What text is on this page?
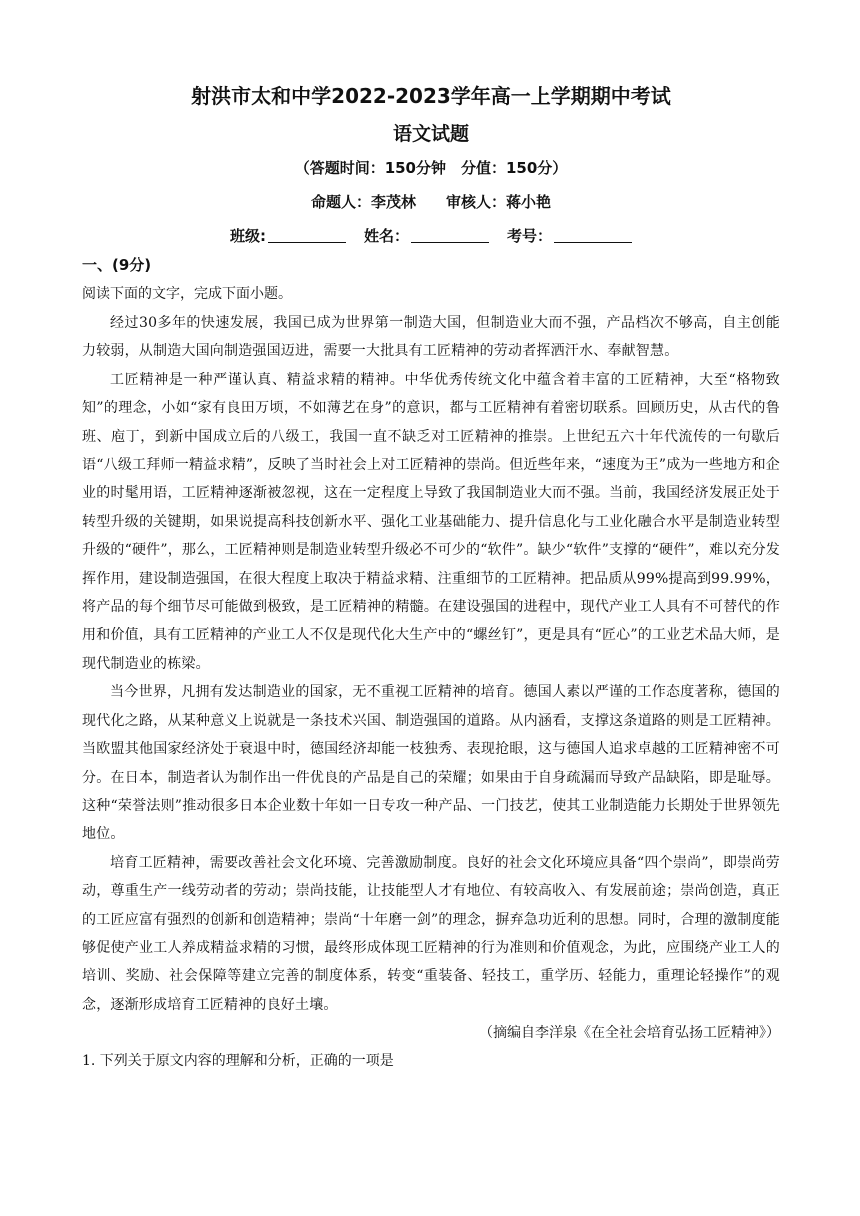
射洪市太和中学2022-2023学年高一上学期期中考试
语文试题
（答题时间：150分钟　分值：150分）
命题人：李茂林　　审核人：蒋小艳
班级:	姓名：	考号：
一、(9分)
阅读下面的文字，完成下面小题。

经过30多年的快速发展，我国已成为世界第一制造大国，但制造业大而不强，产品档次不够高，自主创能力较弱，从制造大国向制造强国迈进，需要一大批具有工匠精神的劳动者挥洒汗水、奉献智慧。

工匠精神是一种严谨认真、精益求精的精神。中华优秀传统文化中蕴含着丰富的工匠精神，大至“格物致知”的理念，小如“家有良田万顷，不如薄艺在身”的意识，都与工匠精神有着密切联系。回顾历史，从古代的鲁班、庖丁，到新中国成立后的八级工，我国一直不缺乏对工匠精神的推崇。上世纪五六十年代流传的一句歇后语“八级工拜师一精益求精”，反映了当时社会上对工匠精神的崇尚。但近些年来，“速度为王”成为一些地方和企业的时髦用语，工匠精神逐渐被忽视，这在一定程度上导致了我国制造业大而不强。当前，我国经济发展正处于转型升级的关键期，如果说提高科技创新水平、强化工业基础能力、提升信息化与工业化融合水平是制造业转型升级的“硬件”，那么，工匠精神则是制造业转型升级必不可少的“软件”。缺少“软件”支撑的“硬件”，难以充分发挥作用，建设制造强国，在很大程度上取决于精益求精、注重细节的工匠精神。把品质从99%提高到99.99%，将产品的每个细节尽可能做到极致，是工匠精神的精髓。在建设强国的进程中，现代产业工人具有不可替代的作用和价值，具有工匠精神的产业工人不仅是现代化大生产中的“螺丝钉”，更是具有“匠心”的工业艺术品大师，是现代制造业的栋梁。

当今世界，凡拥有发达制造业的国家，无不重视工匠精神的培育。德国人素以严谨的工作态度著称，德国的现代化之路，从某种意义上说就是一条技术兴国、制造强国的道路。从内涵看，支撑这条道路的则是工匠精神。当欧盟其他国家经济处于衰退中时，德国经济却能一枝独秀、表现抢眼，这与德国人追求卓越的工匠精神密不可分。在日本，制造者认为制作出一件优良的产品是自己的荣耀；如果由于自身疏漏而导致产品缺陷，即是耻辱。这种“荣誉法则”推动很多日本企业数十年如一日专攻一种产品、一门技艺，使其工业制造能力长期处于世界领先地位。

培育工匠精神，需要改善社会文化环境、完善激励制度。良好的社会文化环境应具备“四个崇尚”，即崇尚劳动，尊重生产一线劳动者的劳动；崇尚技能，让技能型人才有地位、有较高收入、有发展前途；崇尚创造，真正的工匠应富有强烈的创新和创造精神；崇尚“十年磨一剑”的理念，摒弃急功近利的思想。同时，合理的激制度能够促使产业工人养成精益求精的习惯，最终形成体现工匠精神的行为准则和价值观念，为此，应围绕产业工人的培训、奖励、社会保障等建立完善的制度体系，转变“重装备、轻技工，重学历、轻能力，重理论轻操作”的观念，逐渐形成培育工匠精神的良好土壤。

（摘编自李洋泉《在全社会培育弘扬工匠精神》）
1. 下列关于原文内容的理解和分析，正确的一项是
